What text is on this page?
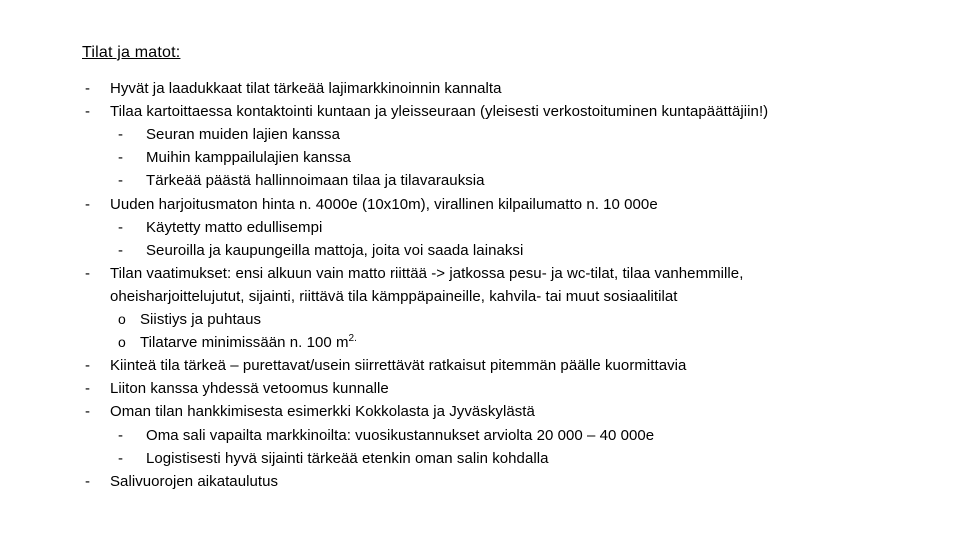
Tilat ja matot:
- Hyvät ja laadukkaat tilat tärkeää lajimarkkinoinnin kannalta
- Tilaa kartoittaessa kontaktointi kuntaan ja yleisseuraan (yleisesti verkostoituminen kuntapäättäjiin!)
- Seuran muiden lajien kanssa
- Muihin kamppailulajien kanssa
- Tärkeää päästä hallinnoimaan tilaa ja tilavarauksia
- Uuden harjoitusmaton hinta n. 4000e (10x10m), virallinen kilpailumatto n. 10 000e
- Käytetty matto edullisempi
- Seuroilla ja kaupungeilla mattoja, joita voi saada lainaksi
- Tilan vaatimukset: ensi alkuun vain matto riittää -> jatkossa pesu- ja wc-tilat, tilaa vanhemmille,
oheisharjoittelujutut, sijainti, riittävä tila kämppäpaineille, kahvila- tai muut sosiaalitilat
o Siistiys ja puhtaus
o Tilatarve minimissään n. 100 $m^{2.}$
- Kiinteä tila tärkeä – purettavat/usein siirrettävät ratkaisut pitemmän päälle kuormittavia
- Liiton kanssa yhdessä vetoomus kunnalle
- Oman tilan hankkimisesta esimerkki Kokkolasta ja Jyväskylästä
- Oma sali vapailta markkinoilta: vuosikustannukset arviolta 20 000 – 40 000e
- Logistisesti hyvä sijainti tärkeää etenkin oman salin kohdalla
- Salivuorojen aikataulutus
